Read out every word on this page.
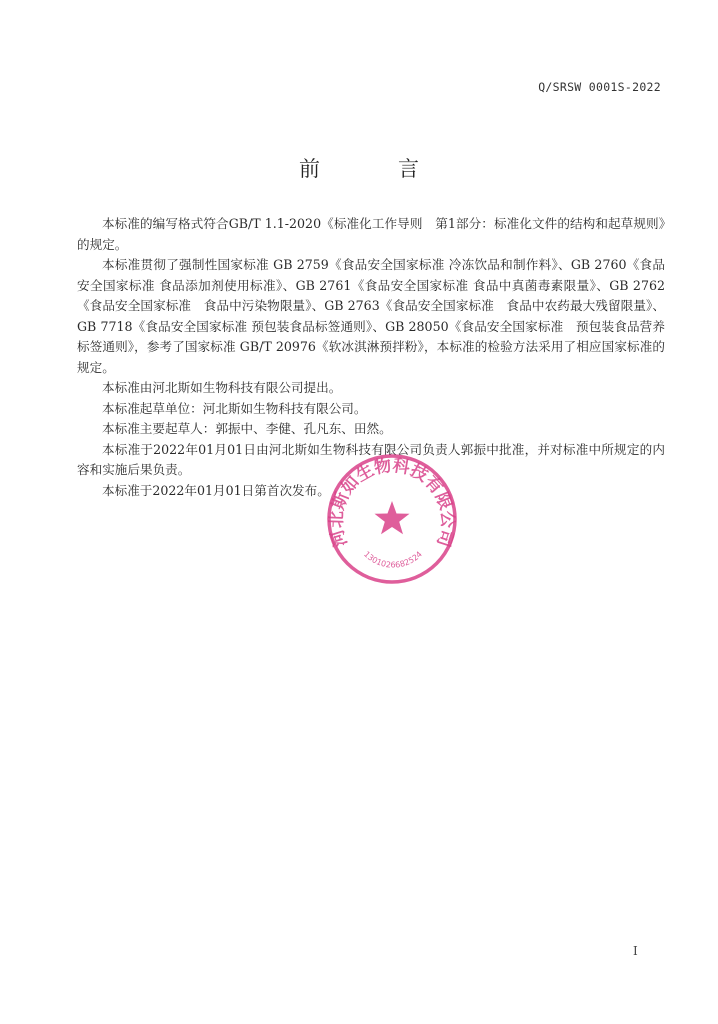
Q/SRSW 0001S-2022
前	言

本标准的编写格式符合GB/T 1.1-2020《标准化工作导则　第1部分：标准化文件的结构和起草规则》的规定。

本标准贯彻了强制性国家标准 GB 2759《食品安全国家标准 冷冻饮品和制作料》、GB 2760《食品安全国家标准 食品添加剂使用标准》、GB 2761《食品安全国家标准 食品中真菌毒素限量》、GB 2762《食品安全国家标准　食品中污染物限量》、GB 2763《食品安全国家标准　食品中农药最大残留限量》、GB 7718《食品安全国家标准 预包装食品标签通则》、GB 28050《食品安全国家标准　预包装食品营养标签通则》，参考了国家标准 GB/T 20976《软冰淇淋预拌粉》，本标准的检验方法采用了相应国家标准的规定。

本标准由河北斯如生物科技有限公司提出。

本标准起草单位：河北斯如生物科技有限公司。

本标准主要起草人：郭振中、李健、孔凡东、田然。

本标准于2022年01月01日由河北斯如生物科技有限公司负责人郭振中批准，并对标准中所规定的内容和实施后果负责。

本标准于2022年01月01日第首次发布。

河北斯如生物科技有限公司
1301026682524
I
